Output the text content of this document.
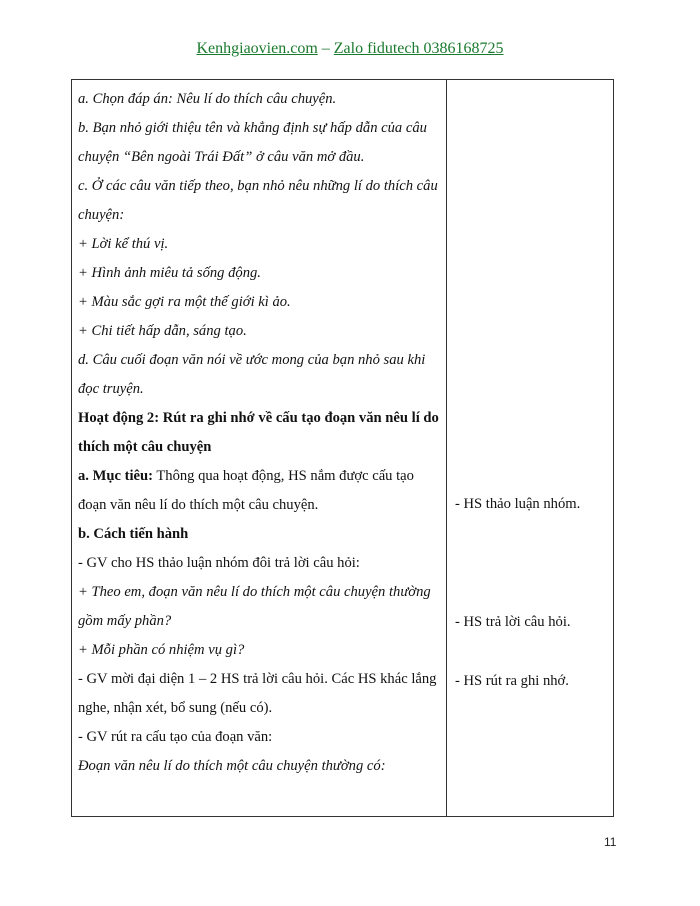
Kenhgiaovien.com – Zalo fidutech 0386168725

a. Chọn đáp án: Nêu lí do thích câu chuyện.

b. Bạn nhỏ giới thiệu tên và khẳng định sự hấp dẫn của câu chuyện “Bên ngoài Trái Đất” ở câu văn mở đầu.

c. Ở các câu văn tiếp theo, bạn nhỏ nêu những lí do thích câu chuyện:

+ Lời kể thú vị.

+ Hình ảnh miêu tả sống động.

+ Màu sắc gợi ra một thế giới kì ảo.

+ Chi tiết hấp dẫn, sáng tạo.

d. Câu cuối đoạn văn nói về ước mong của bạn nhỏ sau khi đọc truyện.

Hoạt động 2: Rút ra ghi nhớ về cấu tạo đoạn văn nêu lí do thích một câu chuyện

a. Mục tiêu: Thông qua hoạt động, HS nắm được cấu tạo đoạn văn nêu lí do thích một câu chuyện.

b. Cách tiến hành

- GV cho HS thảo luận nhóm đôi trả lời câu hỏi:

+ Theo em, đoạn văn nêu lí do thích một câu chuyện thường gồm mấy phần?

+ Mỗi phần có nhiệm vụ gì?

- GV mời đại diện 1 – 2 HS trả lời câu hỏi. Các HS khác lắng nghe, nhận xét, bổ sung (nếu có).

- GV rút ra cấu tạo của đoạn văn:

Đoạn văn nêu lí do thích một câu chuyện thường có:

- HS thảo luận nhóm.
- HS trả lời câu hỏi.
- HS rút ra ghi nhớ.
11
